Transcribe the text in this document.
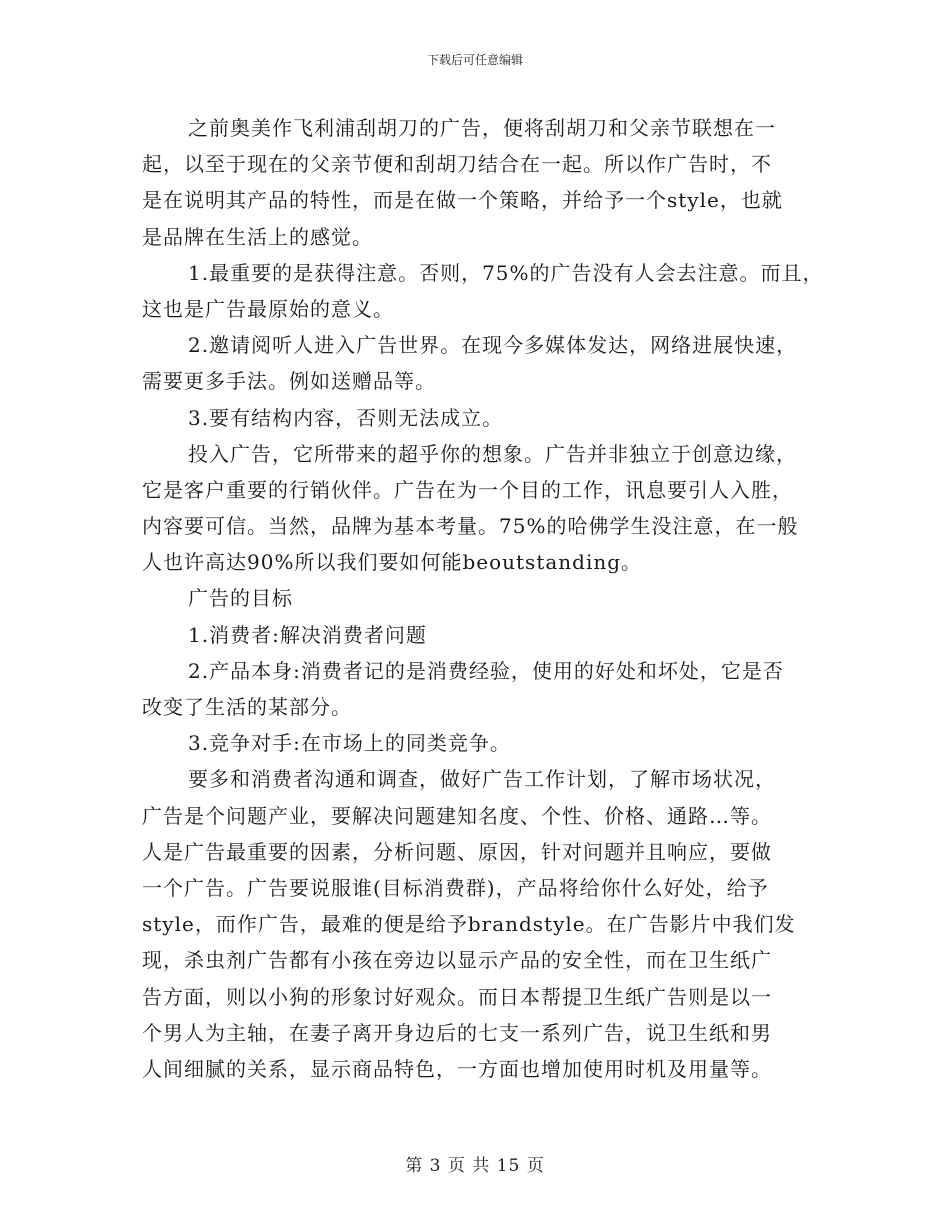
下载后可任意编辑
之前奥美作飞利浦刮胡刀的广告，便将刮胡刀和父亲节联想在一
起，以至于现在的父亲节便和刮胡刀结合在一起。所以作广告时，不
是在说明其产品的特性，而是在做一个策略，并给予一个style，也就
是品牌在生活上的感觉。
1.最重要的是获得注意。否则，75%的广告没有人会去注意。而且，
这也是广告最原始的意义。
2.邀请阅听人进入广告世界。在现今多媒体发达，网络进展快速，
需要更多手法。例如送赠品等。
3.要有结构内容，否则无法成立。
投入广告，它所带来的超乎你的想象。广告并非独立于创意边缘，
它是客户重要的行销伙伴。广告在为一个目的工作，讯息要引人入胜，
内容要可信。当然，品牌为基本考量。75%的哈佛学生没注意，在一般
人也许高达90%所以我们要如何能beoutstanding。
广告的目标
1.消费者:解决消费者问题
2.产品本身:消费者记的是消费经验，使用的好处和坏处，它是否
改变了生活的某部分。
3.竞争对手:在市场上的同类竞争。
要多和消费者沟通和调查，做好广告工作计划，了解市场状况，
广告是个问题产业，要解决问题建知名度、个性、价格、通路…等。
人是广告最重要的因素，分析问题、原因，针对问题并且响应，要做
一个广告。广告要说服谁(目标消费群)，产品将给你什么好处，给予
style，而作广告，最难的便是给予brandstyle。在广告影片中我们发
现，杀虫剂广告都有小孩在旁边以显示产品的安全性，而在卫生纸广
告方面，则以小狗的形象讨好观众。而日本帮提卫生纸广告则是以一
个男人为主轴，在妻子离开身边后的七支一系列广告，说卫生纸和男
人间细腻的关系，显示商品特色，一方面也增加使用时机及用量等。
第 3 页 共 15 页
